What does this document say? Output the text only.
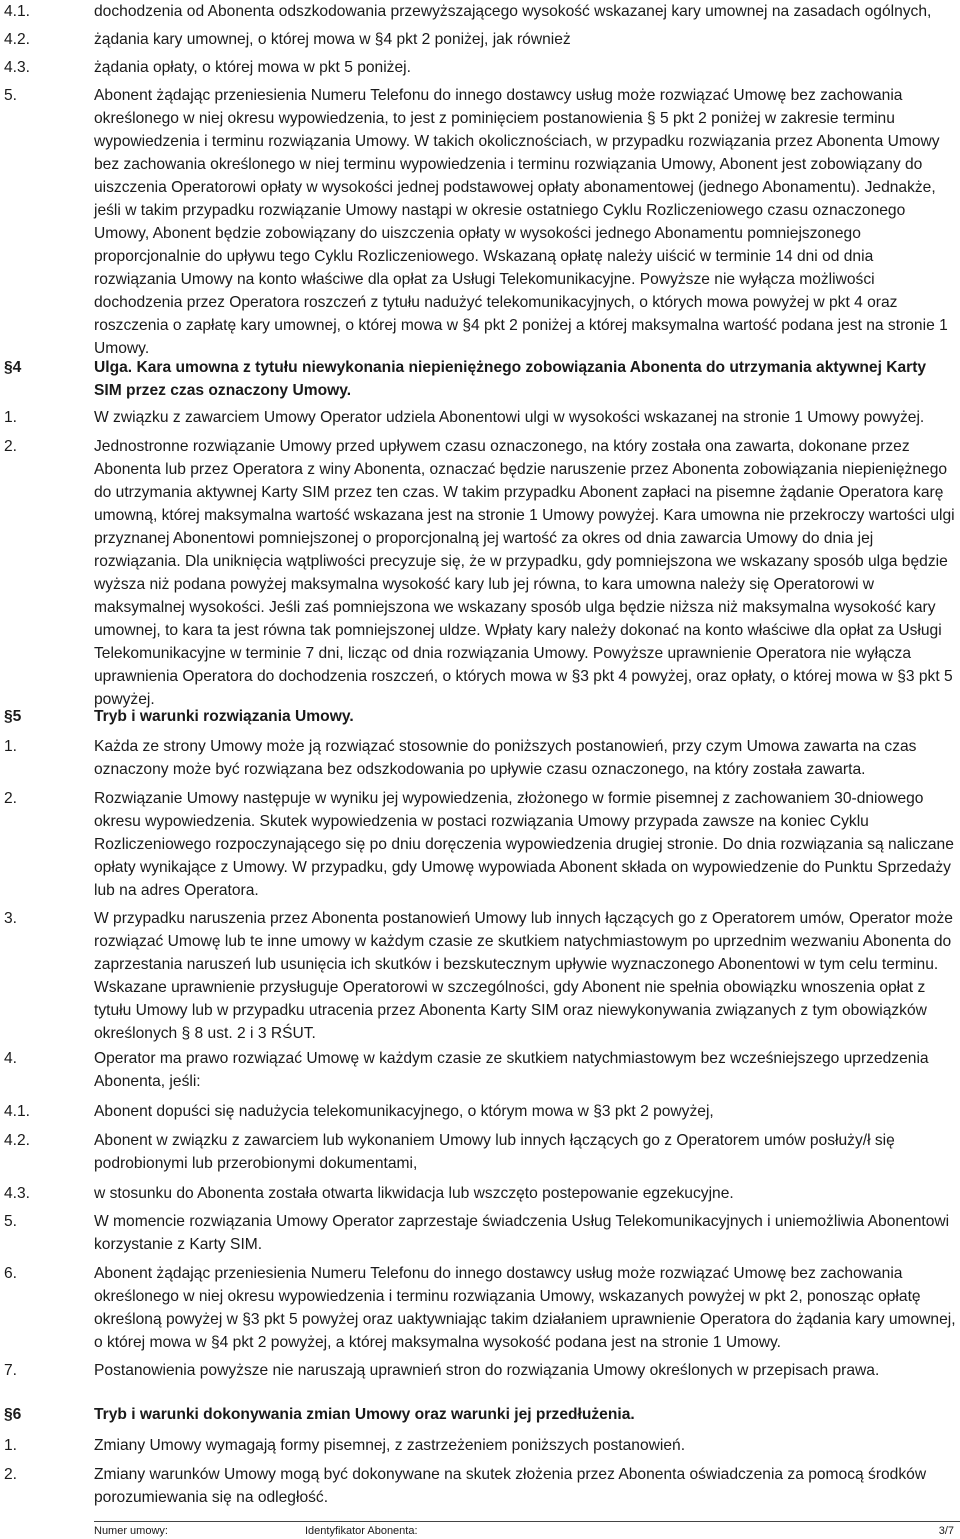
4.1.	dochodzenia od Abonenta odszkodowania przewyższającego wysokość wskazanej kary umownej na zasadach ogólnych,

4.2.	żądania kary umownej, o której mowa w §4 pkt 2 poniżej, jak również

4.3.	żądania opłaty, o której mowa w pkt 5 poniżej.

5.	Abonent żądając przeniesienia Numeru Telefonu do innego dostawcy usług może rozwiązać Umowę bez zachowania określonego w niej okresu wypowiedzenia, to jest z pominięciem postanowienia § 5 pkt 2 poniżej w zakresie terminu wypowiedzenia i terminu rozwiązania Umowy. W takich okolicznościach, w przypadku rozwiązania przez Abonenta Umowy bez zachowania określonego w niej terminu wypowiedzenia i terminu rozwiązania Umowy, Abonent jest zobowiązany do uiszczenia Operatorowi opłaty w wysokości jednej podstawowej opłaty abonamentowej (jednego Abonamentu). Jednakże, jeśli w takim przypadku rozwiązanie Umowy nastąpi w okresie ostatniego Cyklu Rozliczeniowego czasu oznaczonego Umowy, Abonent będzie zobowiązany do uiszczenia opłaty w wysokości jednego Abonamentu pomniejszonego proporcjonalnie do upływu tego Cyklu Rozliczeniowego. Wskazaną opłatę należy uiścić w terminie 14 dni od dnia rozwiązania Umowy na konto właściwe dla opłat za Usługi Telekomunikacyjne. Powyższe nie wyłącza możliwości dochodzenia przez Operatora roszczeń z tytułu nadużyć telekomunikacyjnych, o których mowa powyżej w pkt 4 oraz roszczenia o zapłatę kary umownej, o której mowa w §4 pkt 2 poniżej a której maksymalna wartość podana jest na stronie 1 Umowy.

§4	Ulga. Kara umowna z tytułu niewykonania niepieniężnego zobowiązania Abonenta do utrzymania aktywnej Karty SIM przez czas oznaczony Umowy.

1.	W związku z zawarciem Umowy Operator udziela Abonentowi ulgi w wysokości wskazanej na stronie 1 Umowy powyżej.

2.	Jednostronne rozwiązanie Umowy przed upływem czasu oznaczonego, na który została ona zawarta, dokonane przez Abonenta lub przez Operatora z winy Abonenta, oznaczać będzie naruszenie przez Abonenta zobowiązania niepieniężnego do utrzymania aktywnej Karty SIM przez ten czas. W takim przypadku Abonent zapłaci na pisemne żądanie Operatora karę umowną, której maksymalna wartość wskazana jest na stronie 1 Umowy powyżej. Kara umowna nie przekroczy wartości ulgi przyznanej Abonentowi pomniejszonej o proporcjonalną jej wartość za okres od dnia zawarcia Umowy do dnia jej rozwiązania. Dla uniknięcia wątpliwości precyzuje się, że w przypadku, gdy pomniejszona we wskazany sposób ulga będzie wyższa niż podana powyżej maksymalna wysokość kary lub jej równa, to kara umowna należy się Operatorowi w maksymalnej wysokości. Jeśli zaś pomniejszona we wskazany sposób ulga będzie niższa niż maksymalna wysokość kary umownej, to kara ta jest równa tak pomniejszonej uldze. Wpłaty kary należy dokonać na konto właściwe dla opłat za Usługi Telekomunikacyjne w terminie 7 dni, licząc od dnia rozwiązania Umowy. Powyższe uprawnienie Operatora nie wyłącza uprawnienia Operatora do dochodzenia roszczeń, o których mowa w §3 pkt 4 powyżej, oraz opłaty, o której mowa w §3 pkt 5 powyżej.

§5	Tryb i warunki rozwiązania Umowy.

1.	Każda ze strony Umowy może ją rozwiązać stosownie do poniższych postanowień, przy czym Umowa zawarta na czas oznaczony może być rozwiązana bez odszkodowania po upływie czasu oznaczonego, na który została zawarta.

2.	Rozwiązanie Umowy następuje w wyniku jej wypowiedzenia, złożonego w formie pisemnej z zachowaniem 30-dniowego okresu wypowiedzenia. Skutek wypowiedzenia w postaci rozwiązania Umowy przypada zawsze na koniec Cyklu Rozliczeniowego rozpoczynającego się po dniu doręczenia wypowiedzenia drugiej stronie. Do dnia rozwiązania są naliczane opłaty wynikające z Umowy. W przypadku, gdy Umowę wypowiada Abonent składa on wypowiedzenie do Punktu Sprzedaży lub na adres Operatora.

3.	W przypadku naruszenia przez Abonenta postanowień Umowy lub innych łączących go z Operatorem umów, Operator może rozwiązać Umowę lub te inne umowy w każdym czasie ze skutkiem natychmiastowym po uprzednim wezwaniu Abonenta do zaprzestania naruszeń lub usunięcia ich skutków i bezskutecznym upływie wyznaczonego Abonentowi w tym celu terminu. Wskazane uprawnienie przysługuje Operatorowi w szczególności, gdy Abonent nie spełnia obowiązku wnoszenia opłat z tytułu Umowy lub w przypadku utracenia przez Abonenta Karty SIM oraz niewykonywania związanych z tym obowiązków określonych § 8 ust. 2 i 3 RŚUT.

4.	Operator ma prawo rozwiązać Umowę w każdym czasie ze skutkiem natychmiastowym bez wcześniejszego uprzedzenia Abonenta, jeśli:

4.1.	Abonent dopuści się nadużycia telekomunikacyjnego, o którym mowa w §3 pkt 2 powyżej,

4.2.	Abonent w związku z zawarciem lub wykonaniem Umowy lub innych łączących go z Operatorem umów posłuży/ł się podrobionymi lub przerobionymi dokumentami,

4.3.	w stosunku do Abonenta została otwarta likwidacja lub wszczęto postepowanie egzekucyjne.

5.	W momencie rozwiązania Umowy Operator zaprzestaje świadczenia Usług Telekomunikacyjnych i uniemożliwia Abonentowi korzystanie z Karty SIM.

6.	Abonent żądając przeniesienia Numeru Telefonu do innego dostawcy usług może rozwiązać Umowę bez zachowania określonego w niej okresu wypowiedzenia i terminu rozwiązania Umowy, wskazanych powyżej w pkt 2, ponosząc opłatę określoną powyżej w §3 pkt 5 powyżej oraz uaktywniając takim działaniem uprawnienie Operatora do żądania kary umownej, o której mowa w §4 pkt 2 powyżej, a której maksymalna wysokość podana jest na stronie 1 Umowy.

7.	Postanowienia powyższe nie naruszają uprawnień stron do rozwiązania Umowy określonych w przepisach prawa.

§6	Tryb i warunki dokonywania zmian Umowy oraz warunki jej przedłużenia.

1.	Zmiany Umowy wymagają formy pisemnej, z zastrzeżeniem poniższych postanowień.

2.	Zmiany warunków Umowy mogą być dokonywane na skutek złożenia przez Abonenta oświadczenia za pomocą środków porozumiewania się na odległość.

Numer umowy:	Identyfikator Abonenta:	3/7
